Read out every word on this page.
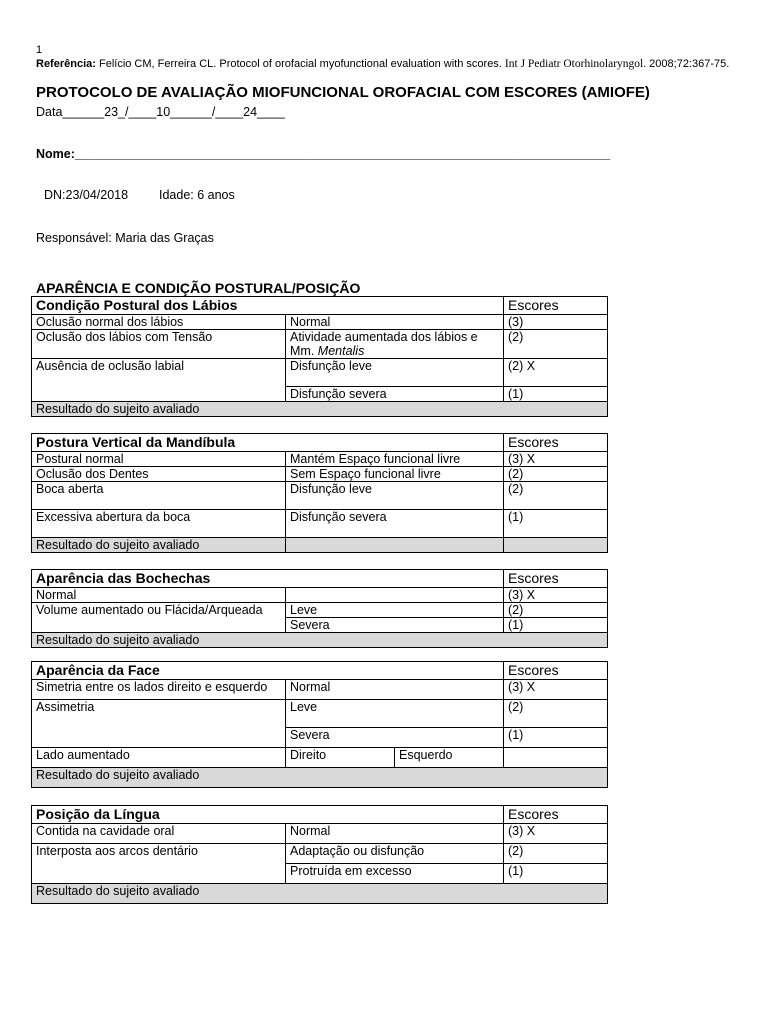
1
Referência: Felício CM, Ferreira CL. Protocol of orofacial myofunctional evaluation with scores. Int J Pediatr Otorhinolaryngol. 2008;72:367-75.
PROTOCOLO DE AVALIAÇÃO MIOFUNCIONAL OROFACIAL COM ESCORES (AMIOFE)
Data______23_/____10______/____24____
Nome:_____________________________________________________________________________
DN:23/04/2018 Idade: 6 anos
Responsável: Maria das Graças
APARÊNCIA E CONDIÇÃO POSTURAL/POSIÇÃO
Condição Postural dos Lábios		Escores
Oclusão normal dos lábios	Normal	(3)
Oclusão dos lábios com Tensão	Atividade aumentada dos lábios e Mm. Mentalis	(2)
Ausência de oclusão labial	Disfunção leve	(2) X
	Disfunção severa	(1)
Resultado do sujeito avaliado		
Postura Vertical da Mandíbula		Escores
Postural normal	Mantém Espaço funcional livre	(3) X
Oclusão dos Dentes	Sem Espaço funcional livre	(2)
Boca aberta	Disfunção leve	(2)
Excessiva abertura da boca	Disfunção severa	(1)
Resultado do sujeito avaliado		
Aparência das Bochechas		Escores
Normal		(3) X
Volume aumentado ou Flácida/Arqueada	Leve	(2)
	Severa	(1)
Resultado do sujeito avaliado		
Aparência da Face			Escores
Simetria entre os lados direito e esquerdo	Normal		(3) X
Assimetria	Leve		(2)
	Severa		(1)
Lado aumentado	Direito	Esquerdo	
Resultado do sujeito avaliado			
Posição da Língua		Escores
Contida na cavidade oral	Normal	(3) X
Interposta aos arcos dentário	Adaptação ou disfunção	(2)
	Protruída em excesso	(1)
Resultado do sujeito avaliado		
